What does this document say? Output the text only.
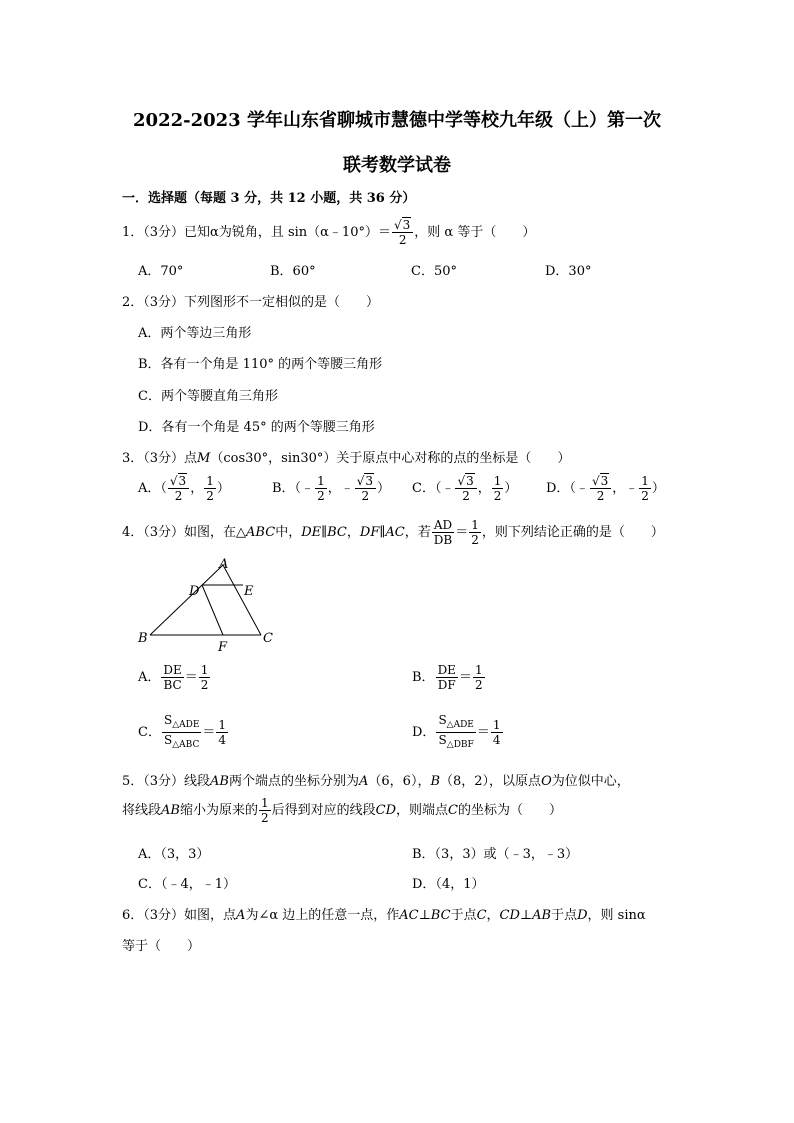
2022-2023 学年山东省聊城市慧德中学等校九年级（上）第一次
联考数学试卷
一．选择题（每题 3 分，共 12 小题，共 36 分）
1．（3分）已知α为锐角，且 sin（α﹣10°）＝ $\frac{√3}{2}$ ，则 α 等于（　　）
A．70°	B．60°	C．50°	D．30°
2．（3分）下列图形不一定相似的是（　　）
A．两个等边三角形
B．各有一个角是 110° 的两个等腰三角形
C．两个等腰直角三角形
D．各有一个角是 45° 的两个等腰三角形
3．（3分）点M（cos30°，sin30°）关于原点中心对称的点的坐标是（　　）
A．（ $\frac{√3}{2}$ ， $\frac{1}{2}$ ）	B．（﹣ $\frac{1}{2}$ ，﹣ $\frac{√3}{2}$ ） C．（﹣ $\frac{√3}{2}$ ， $\frac{1}{2}$ ） D．（﹣ $\frac{√3}{2}$ ，﹣ $\frac{1}{2}$ ）
4．（3分）如图，在△ABC中，DE∥BC，DF∥AC，若 $\frac{AD}{DB} = \frac{1}{2}$ ，则下列结论正确的是（　　）
A
D	E
B
F
C
A． $\frac{DE}{BC} = \frac{1}{2}$	B． $\frac{DE}{DF} = \frac{1}{2}$
C． $\frac{S_{\triangle ADE}}{S_{\triangle ABC}} = \frac{1}{4}$	D． $\frac{S_{\triangle ADE}}{S_{\triangle DBF}} = \frac{1}{4}$
5．（3分）线段AB两个端点的坐标分别为A（6，6），B（8，2），以原点O为位似中心，
将线段AB缩小为原来的 $\frac{1}{2}$ 后得到对应的线段CD，则端点C的坐标为（　　）
A．（3，3）	B．（3，3）或（﹣3，﹣3）
C．（﹣4，﹣1）	D．（4，1）
6．（3分）如图，点A为∠α 边上的任意一点，作AC⊥BC于点C，CD⊥AB于点D，则 sinα
等于（　　）
